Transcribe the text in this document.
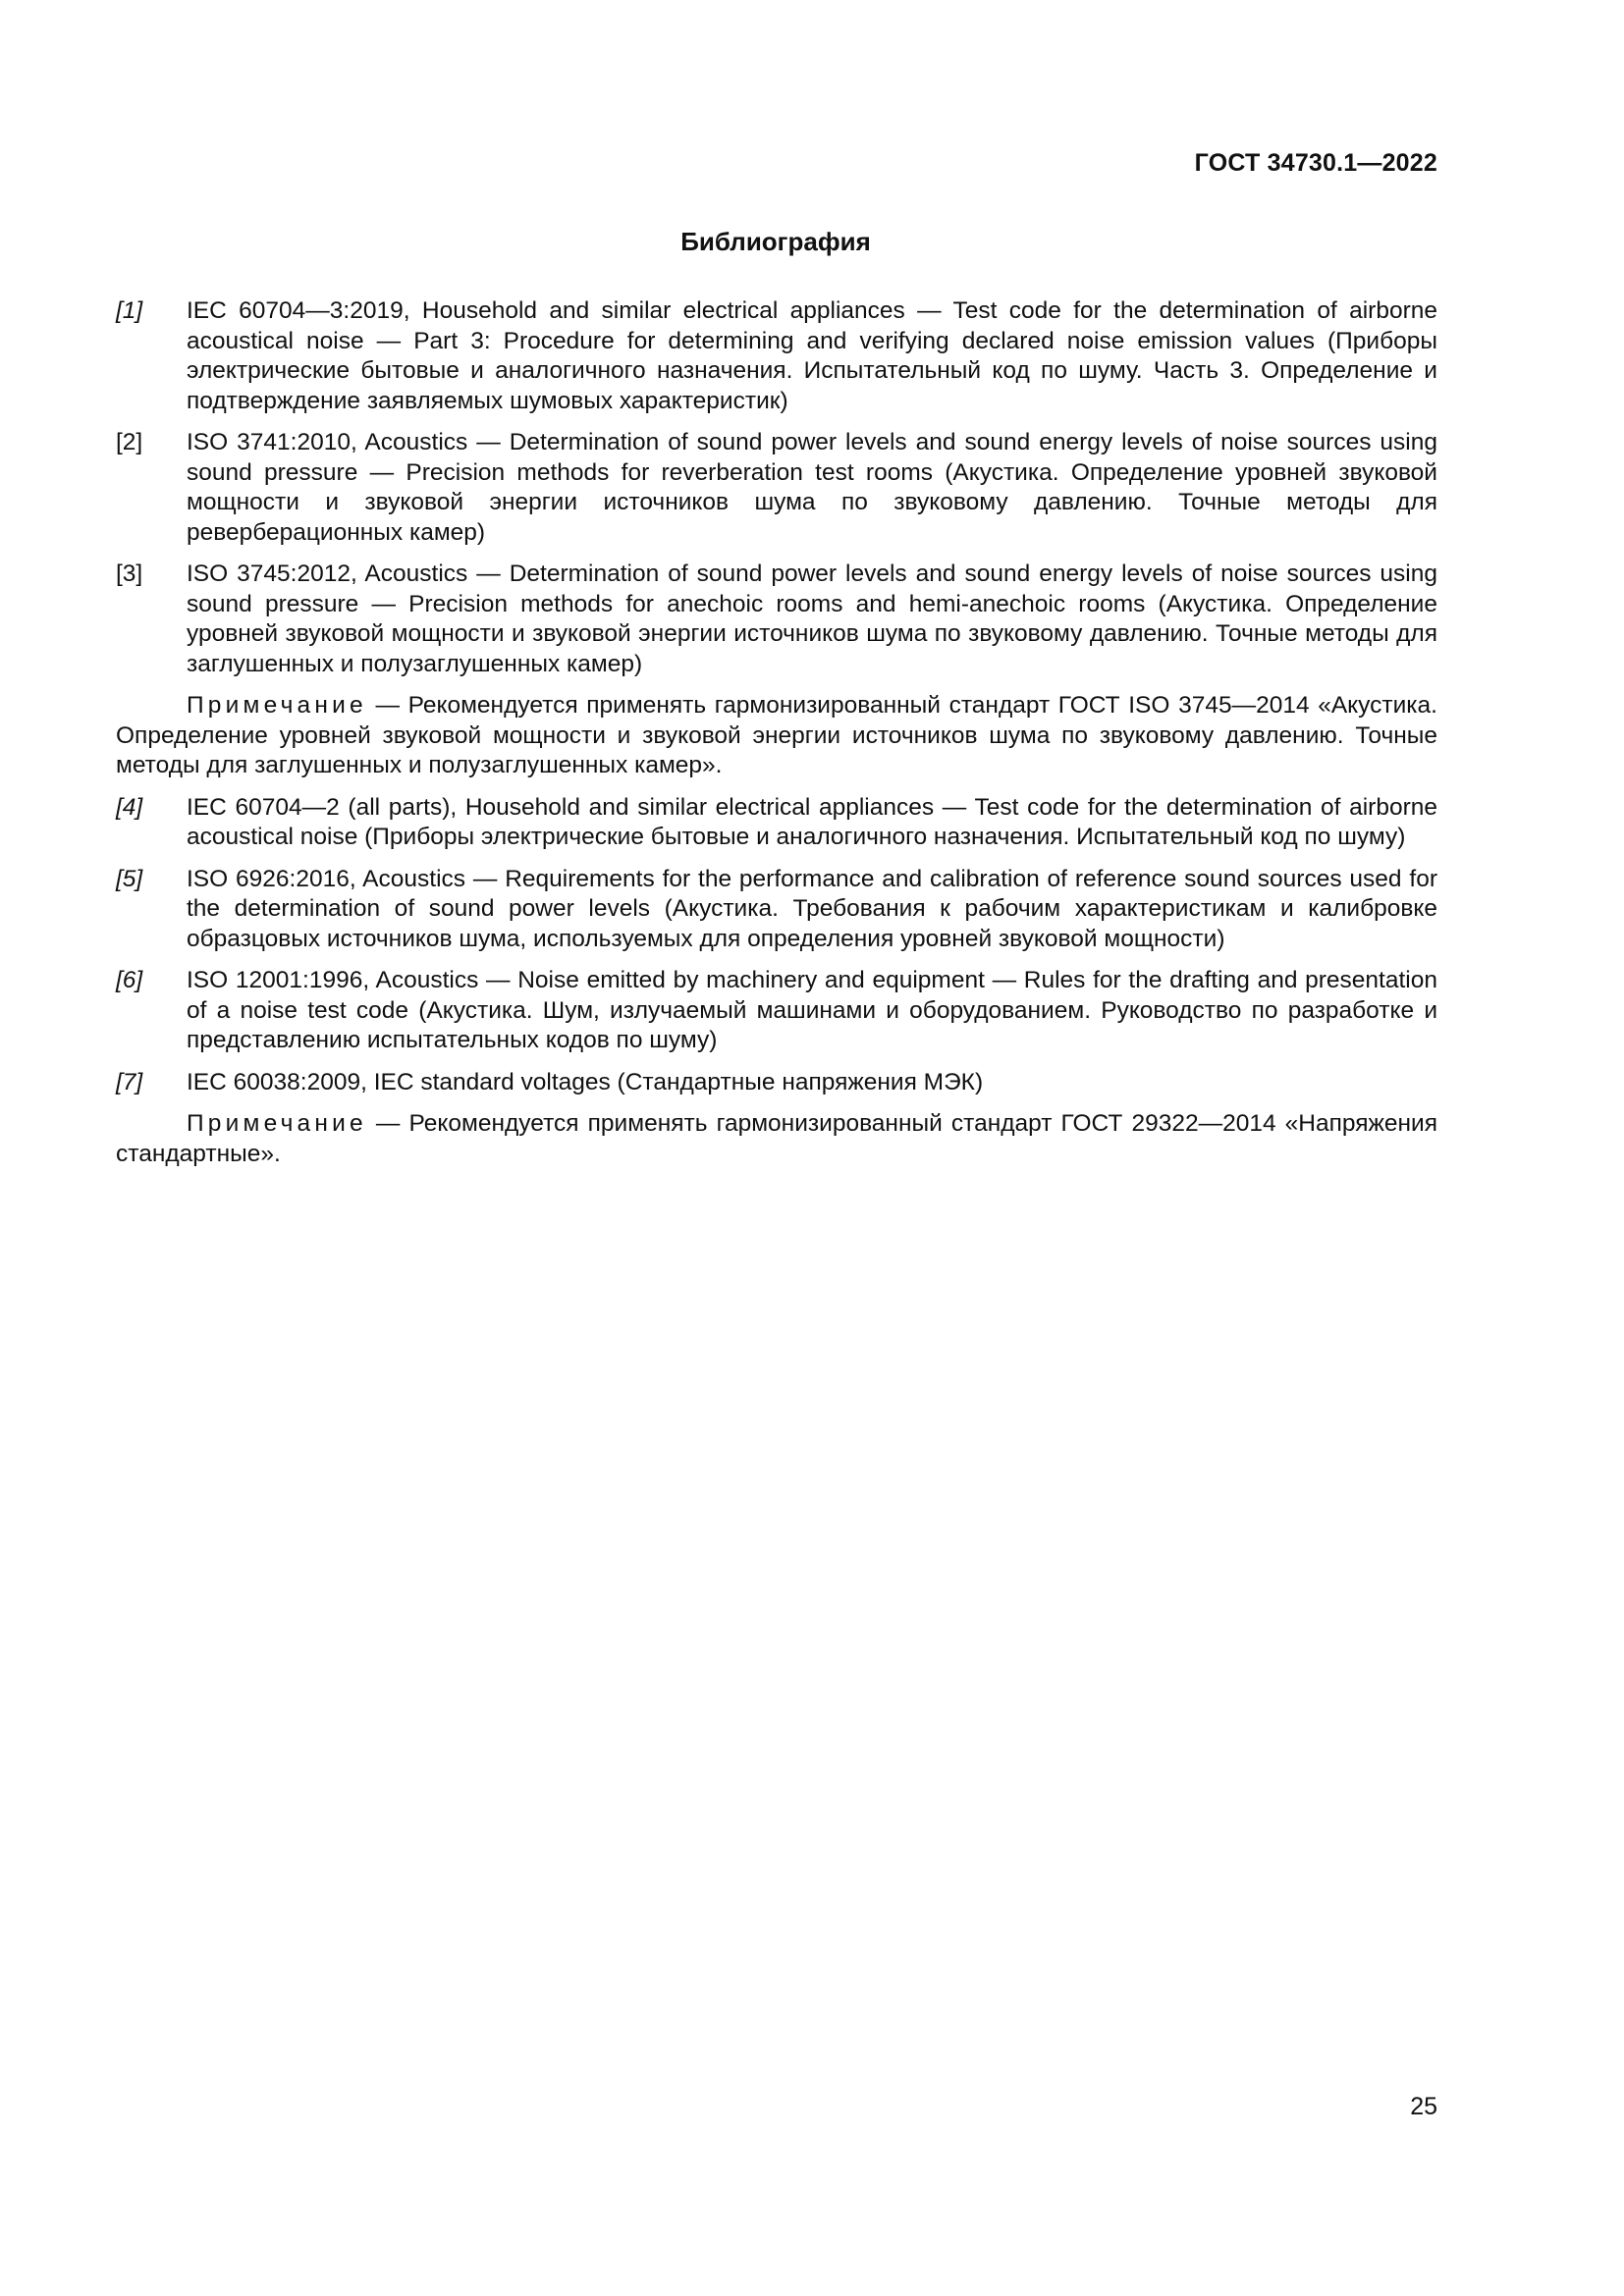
ГОСТ 34730.1—2022
Библиография
[1]	IEC 60704—3:2019, Household and similar electrical appliances — Test code for the determination of airborne acoustical noise — Part 3: Procedure for determining and verifying declared noise emission values (Приборы электрические бытовые и аналогичного назначения. Испытательный код по шуму. Часть 3. Определение и подтверждение заявляемых шумовых характеристик)
[2]	ISO 3741:2010, Acoustics — Determination of sound power levels and sound energy levels of noise sources using sound pressure — Precision methods for reverberation test rooms (Акустика. Определение уровней звуковой мощности и звуковой энергии источников шума по звуковому давлению. Точные методы для реверберационных камер)
[3]	ISO 3745:2012, Acoustics — Determination of sound power levels and sound energy levels of noise sources using sound pressure — Precision methods for anechoic rooms and hemi-anechoic rooms (Акустика. Определение уровней звуковой мощности и звуковой энергии источников шума по звуковому давлению. Точные методы для заглушенных и полузаглушенных камер)
Примечание — Рекомендуется применять гармонизированный стандарт ГОСТ ISO 3745—2014 «Акустика. Определение уровней звуковой мощности и звуковой энергии источников шума по звуковому давлению. Точные методы для заглушенных и полузаглушенных камер».
[4]	IEC 60704—2 (all parts), Household and similar electrical appliances — Test code for the determination of airborne acoustical noise (Приборы электрические бытовые и аналогичного назначения. Испытательный код по шуму)
[5]	ISO 6926:2016, Acoustics — Requirements for the performance and calibration of reference sound sources used for the determination of sound power levels (Акустика. Требования к рабочим характеристикам и калибровке образцовых источников шума, используемых для определения уровней звуковой мощности)
[6]	ISO 12001:1996, Acoustics — Noise emitted by machinery and equipment — Rules for the drafting and presentation of a noise test code (Акустика. Шум, излучаемый машинами и оборудованием. Руководство по разработке и представлению испытательных кодов по шуму)
[7]	IEC 60038:2009, IEC standard voltages (Стандартные напряжения МЭК)
Примечание — Рекомендуется применять гармонизированный стандарт ГОСТ 29322—2014 «Напряжения стандартные».
25
